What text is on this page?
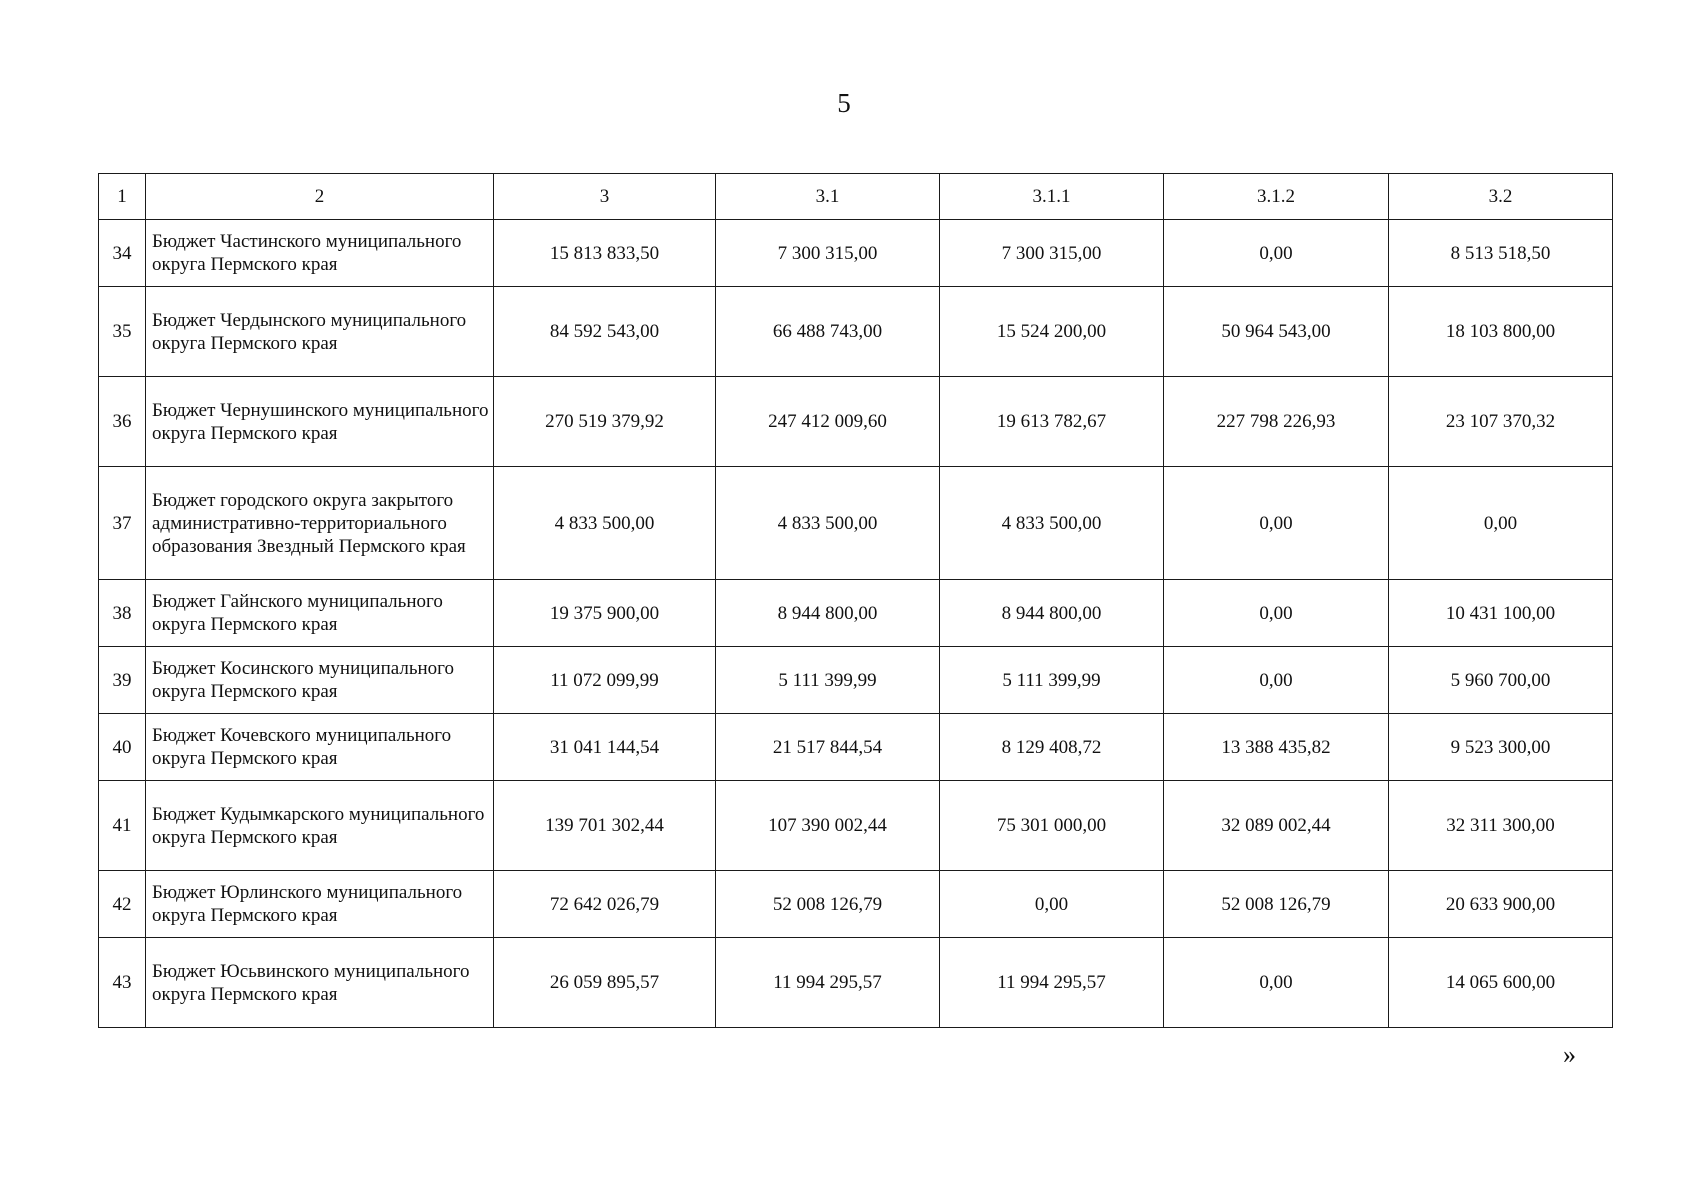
5
1	2	3	3.1	3.1.1	3.1.2	3.2
34	Бюджет Частинского муниципального округа Пермского края	15 813 833,50	7 300 315,00	7 300 315,00	0,00	8 513 518,50
35	Бюджет Чердынского муниципального округа Пермского края	84 592 543,00	66 488 743,00	15 524 200,00	50 964 543,00	18 103 800,00
36	Бюджет Чернушинского муниципального округа Пермского края	270 519 379,92	247 412 009,60	19 613 782,67	227 798 226,93	23 107 370,32
37	Бюджет городского округа закрытого административно-территориального образования Звездный Пермского края	4 833 500,00	4 833 500,00	4 833 500,00	0,00	0,00
38	Бюджет Гайнского муниципального округа Пермского края	19 375 900,00	8 944 800,00	8 944 800,00	0,00	10 431 100,00
39	Бюджет Косинского муниципального округа Пермского края	11 072 099,99	5 111 399,99	5 111 399,99	0,00	5 960 700,00
40	Бюджет Кочевского муниципального округа Пермского края	31 041 144,54	21 517 844,54	8 129 408,72	13 388 435,82	9 523 300,00
41	Бюджет Кудымкарского муниципального округа Пермского края	139 701 302,44	107 390 002,44	75 301 000,00	32 089 002,44	32 311 300,00
42	Бюджет Юрлинского муниципального округа Пермского края	72 642 026,79	52 008 126,79	0,00	52 008 126,79	20 633 900,00
43	Бюджет Юсьвинского муниципального округа Пермского края	26 059 895,57	11 994 295,57	11 994 295,57	0,00	14 065 600,00
»
